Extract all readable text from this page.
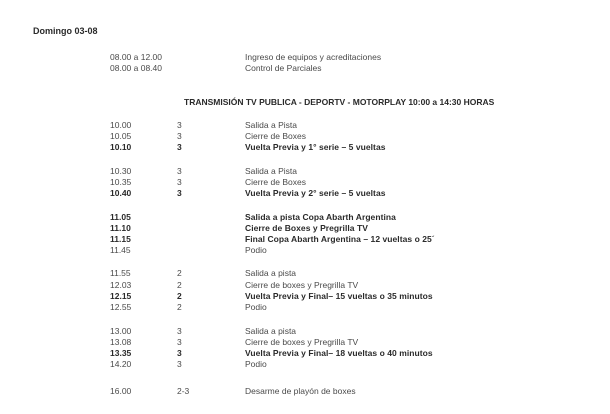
Domingo 03-08
08.00 a 12.00	Ingreso de equipos y acreditaciones
08.00 a 08.40	Control de Parciales
TRANSMISIÓN TV PUBLICA - DEPORTV - MOTORPLAY 10:00 a 14:30 HORAS
10.00	3	Salida a Pista
10.05	3	Cierre de Boxes
10.10	3	Vuelta Previa y 1° serie – 5 vueltas
10.30	3	Salida a Pista
10.35	3	Cierre de Boxes
10.40	3	Vuelta Previa y 2° serie – 5 vueltas
11.05	Salida a pista Copa Abarth Argentina
11.10	Cierre de Boxes y Pregrilla TV
11.15	Final Copa Abarth Argentina – 12 vueltas o 25´
11.45	Podio
11.55	2	Salida a pista
12.03	2	Cierre de boxes y Pregrilla TV
12.15	2	Vuelta Previa y Final– 15 vueltas o 35 minutos
12.55	2	Podio
13.00	3	Salida a pista
13.08	3	Cierre de boxes y Pregrilla TV
13.35	3	Vuelta Previa y Final– 18 vueltas o 40 minutos
14.20	3	Podio
16.00	2-3	Desarme de playón de boxes
